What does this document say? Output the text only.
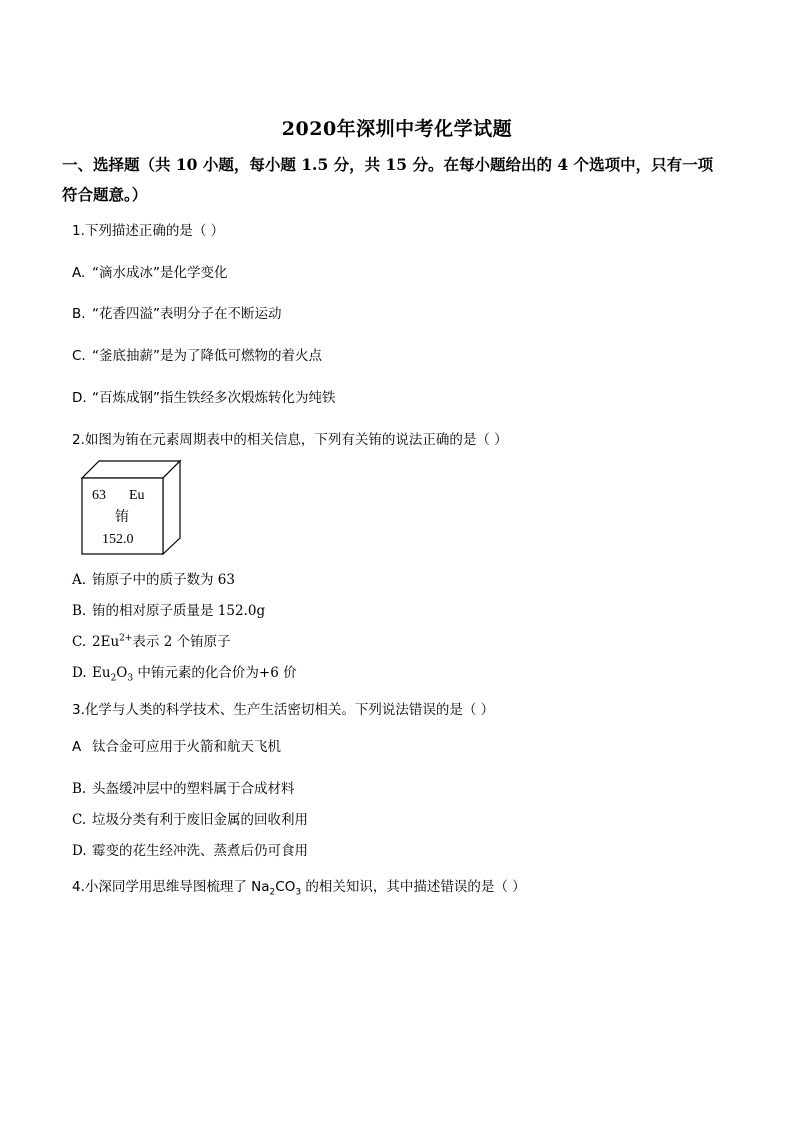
2020年深圳中考化学试题
一、选择题（共 10 小题，每小题 1.5 分，共 15 分。在每小题给出的 4 个选项中，只有一项
符合题意。）
1.下列描述正确的是（ ）
A. “滴水成冰”是化学变化
B. “花香四溢”表明分子在不断运动
C. “釜底抽薪”是为了降低可燃物的着火点
D. “百炼成钢”指生铁经多次煅炼转化为纯铁
2.如图为铕在元素周期表中的相关信息，下列有关铕的说法正确的是（ ）
63 Eu
铕
152.0
A. 铕原子中的质子数为 63
B. 铕的相对原子质量是 152.0g
C. $2Eu^{2+}$表示 2 个铕原子
D. $Eu_2O_3$ 中铕元素的化合价为+6 价
3.化学与人类的科学技术、生产生活密切相关。下列说法错误的是（ ）
A 钛合金可应用于火箭和航天飞机
B. 头盔缓冲层中的塑料属于合成材料
C. 垃圾分类有利于废旧金属的回收利用
D. 霉变的花生经冲洗、蒸煮后仍可食用
4.小深同学用思维导图梳理了 $Na_2CO_3$ 的相关知识，其中描述错误的是（ ）
